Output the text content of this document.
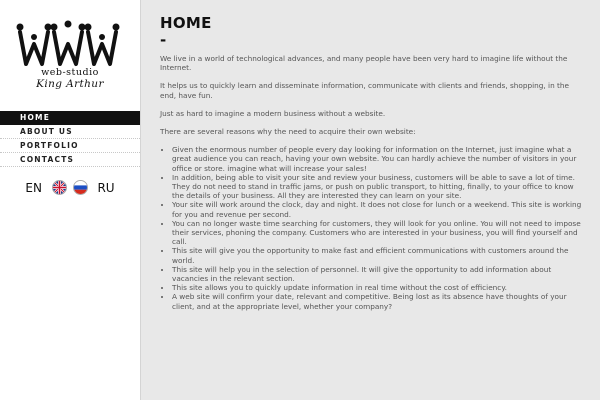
web-studio
King Arthur
HOME
ABOUT US
PORTFOLIO
CONTACTS
EN	RU
HOME
-

We live in a world of technological advances, and many people have been very hard to imagine life without the Internet.

It helps us to quickly learn and disseminate information, communicate with clients and friends, shopping, in the end, have fun.

Just as hard to imagine a modern business without a website.

There are several reasons why the need to acquire their own website:

• Given the enormous number of people every day looking for information on the Internet, just imagine what a great audience you can reach, having your own website. You can hardly achieve the number of visitors in your office or store. imagine what will increase your sales!
• In addition, being able to visit your site and review your business, customers will be able to save a lot of time. They do not need to stand in traffic jams, or push on public transport, to hitting, finally, to your office to know the details of your business. All they are interested they can learn on your site.
• Your site will work around the clock, day and night. It does not close for lunch or a weekend. This site is working for you and revenue per second.
• You can no longer waste time searching for customers, they will look for you online. You will not need to impose their services, phoning the company. Customers who are interested in your business, you will find yourself and call.
• This site will give you the opportunity to make fast and efficient communications with customers around the world.
• This site will help you in the selection of personnel. It will give the opportunity to add information about vacancies in the relevant section.
• This site allows you to quickly update information in real time without the cost of efficiency.
• A web site will confirm your date, relevant and competitive. Being lost as its absence have thoughts of your client, and at the appropriate level, whether your company?
